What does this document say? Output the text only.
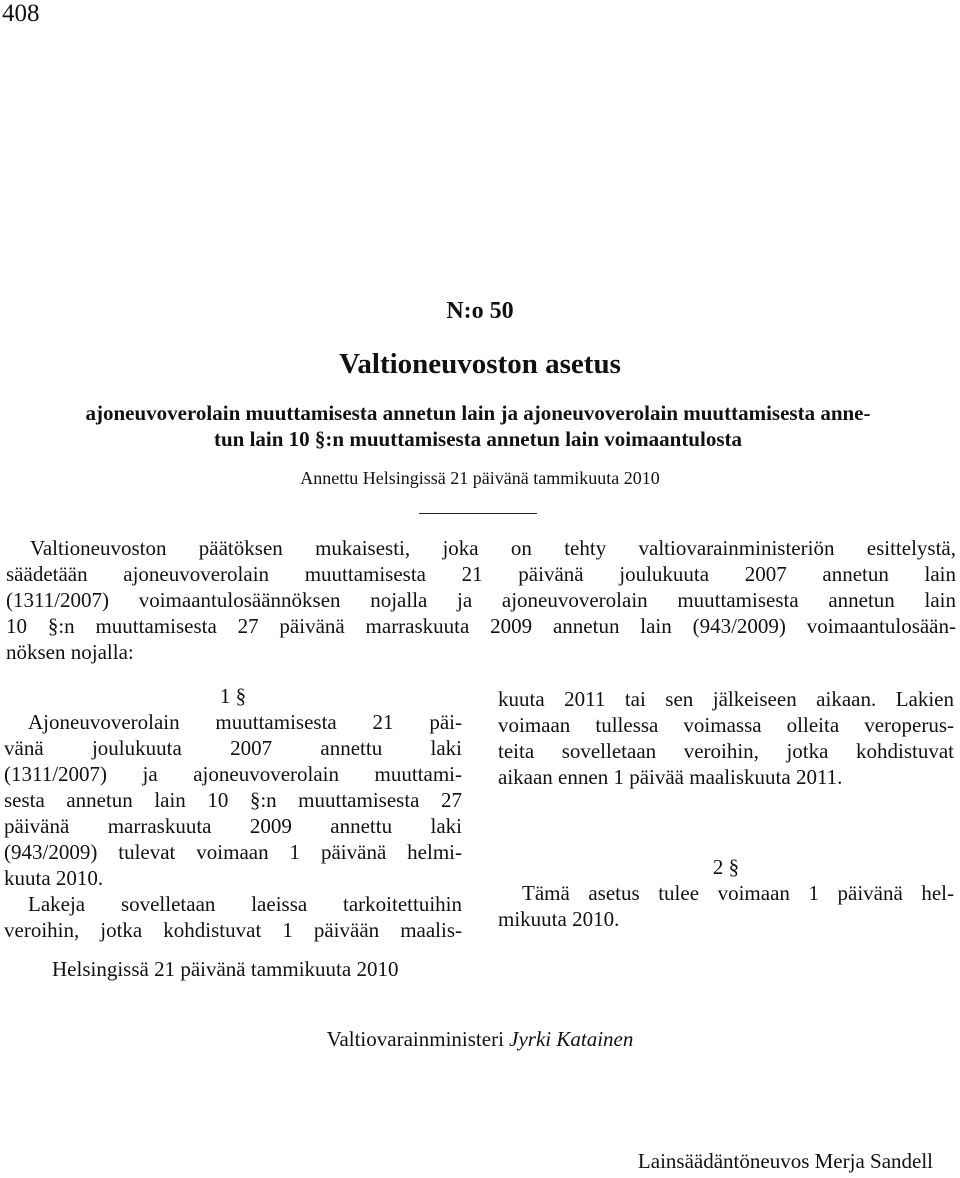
408
N:o 50
Valtioneuvoston asetus
ajoneuvoverolain muuttamisesta annetun lain ja ajoneuvoverolain muuttamisesta anne-
tun lain 10 §:n muuttamisesta annetun lain voimaantulosta
Annettu Helsingissä 21 päivänä tammikuuta 2010
Valtioneuvoston päätöksen mukaisesti, joka on tehty valtiovarainministeriön esittelystä,
säädetään ajoneuvoverolain muuttamisesta 21 päivänä joulukuuta 2007 annetun lain
(1311/2007) voimaantulosäännöksen nojalla ja ajoneuvoverolain muuttamisesta annetun lain
10 §:n muuttamisesta 27 päivänä marraskuuta 2009 annetun lain (943/2009) voimaantulosään-
nöksen nojalla:
1 §
Ajoneuvoverolain muuttamisesta 21 päi-
vänä joulukuuta 2007 annettu laki
(1311/2007) ja ajoneuvoverolain muuttami-
sesta annetun lain 10 §:n muuttamisesta 27
päivänä marraskuuta 2009 annettu laki
(943/2009) tulevat voimaan 1 päivänä helmi-
kuuta 2010.
Lakeja sovelletaan laeissa tarkoitettuihin
veroihin, jotka kohdistuvat 1 päivään maalis-
kuuta 2011 tai sen jälkeiseen aikaan. Lakien
voimaan tullessa voimassa olleita veroperus-
teita sovelletaan veroihin, jotka kohdistuvat
aikaan ennen 1 päivää maaliskuuta 2011.
2 §
Tämä asetus tulee voimaan 1 päivänä hel-
mikuuta 2010.
Helsingissä 21 päivänä tammikuuta 2010
Valtiovarainministeri Jyrki Katainen
Lainsäädäntöneuvos Merja Sandell
